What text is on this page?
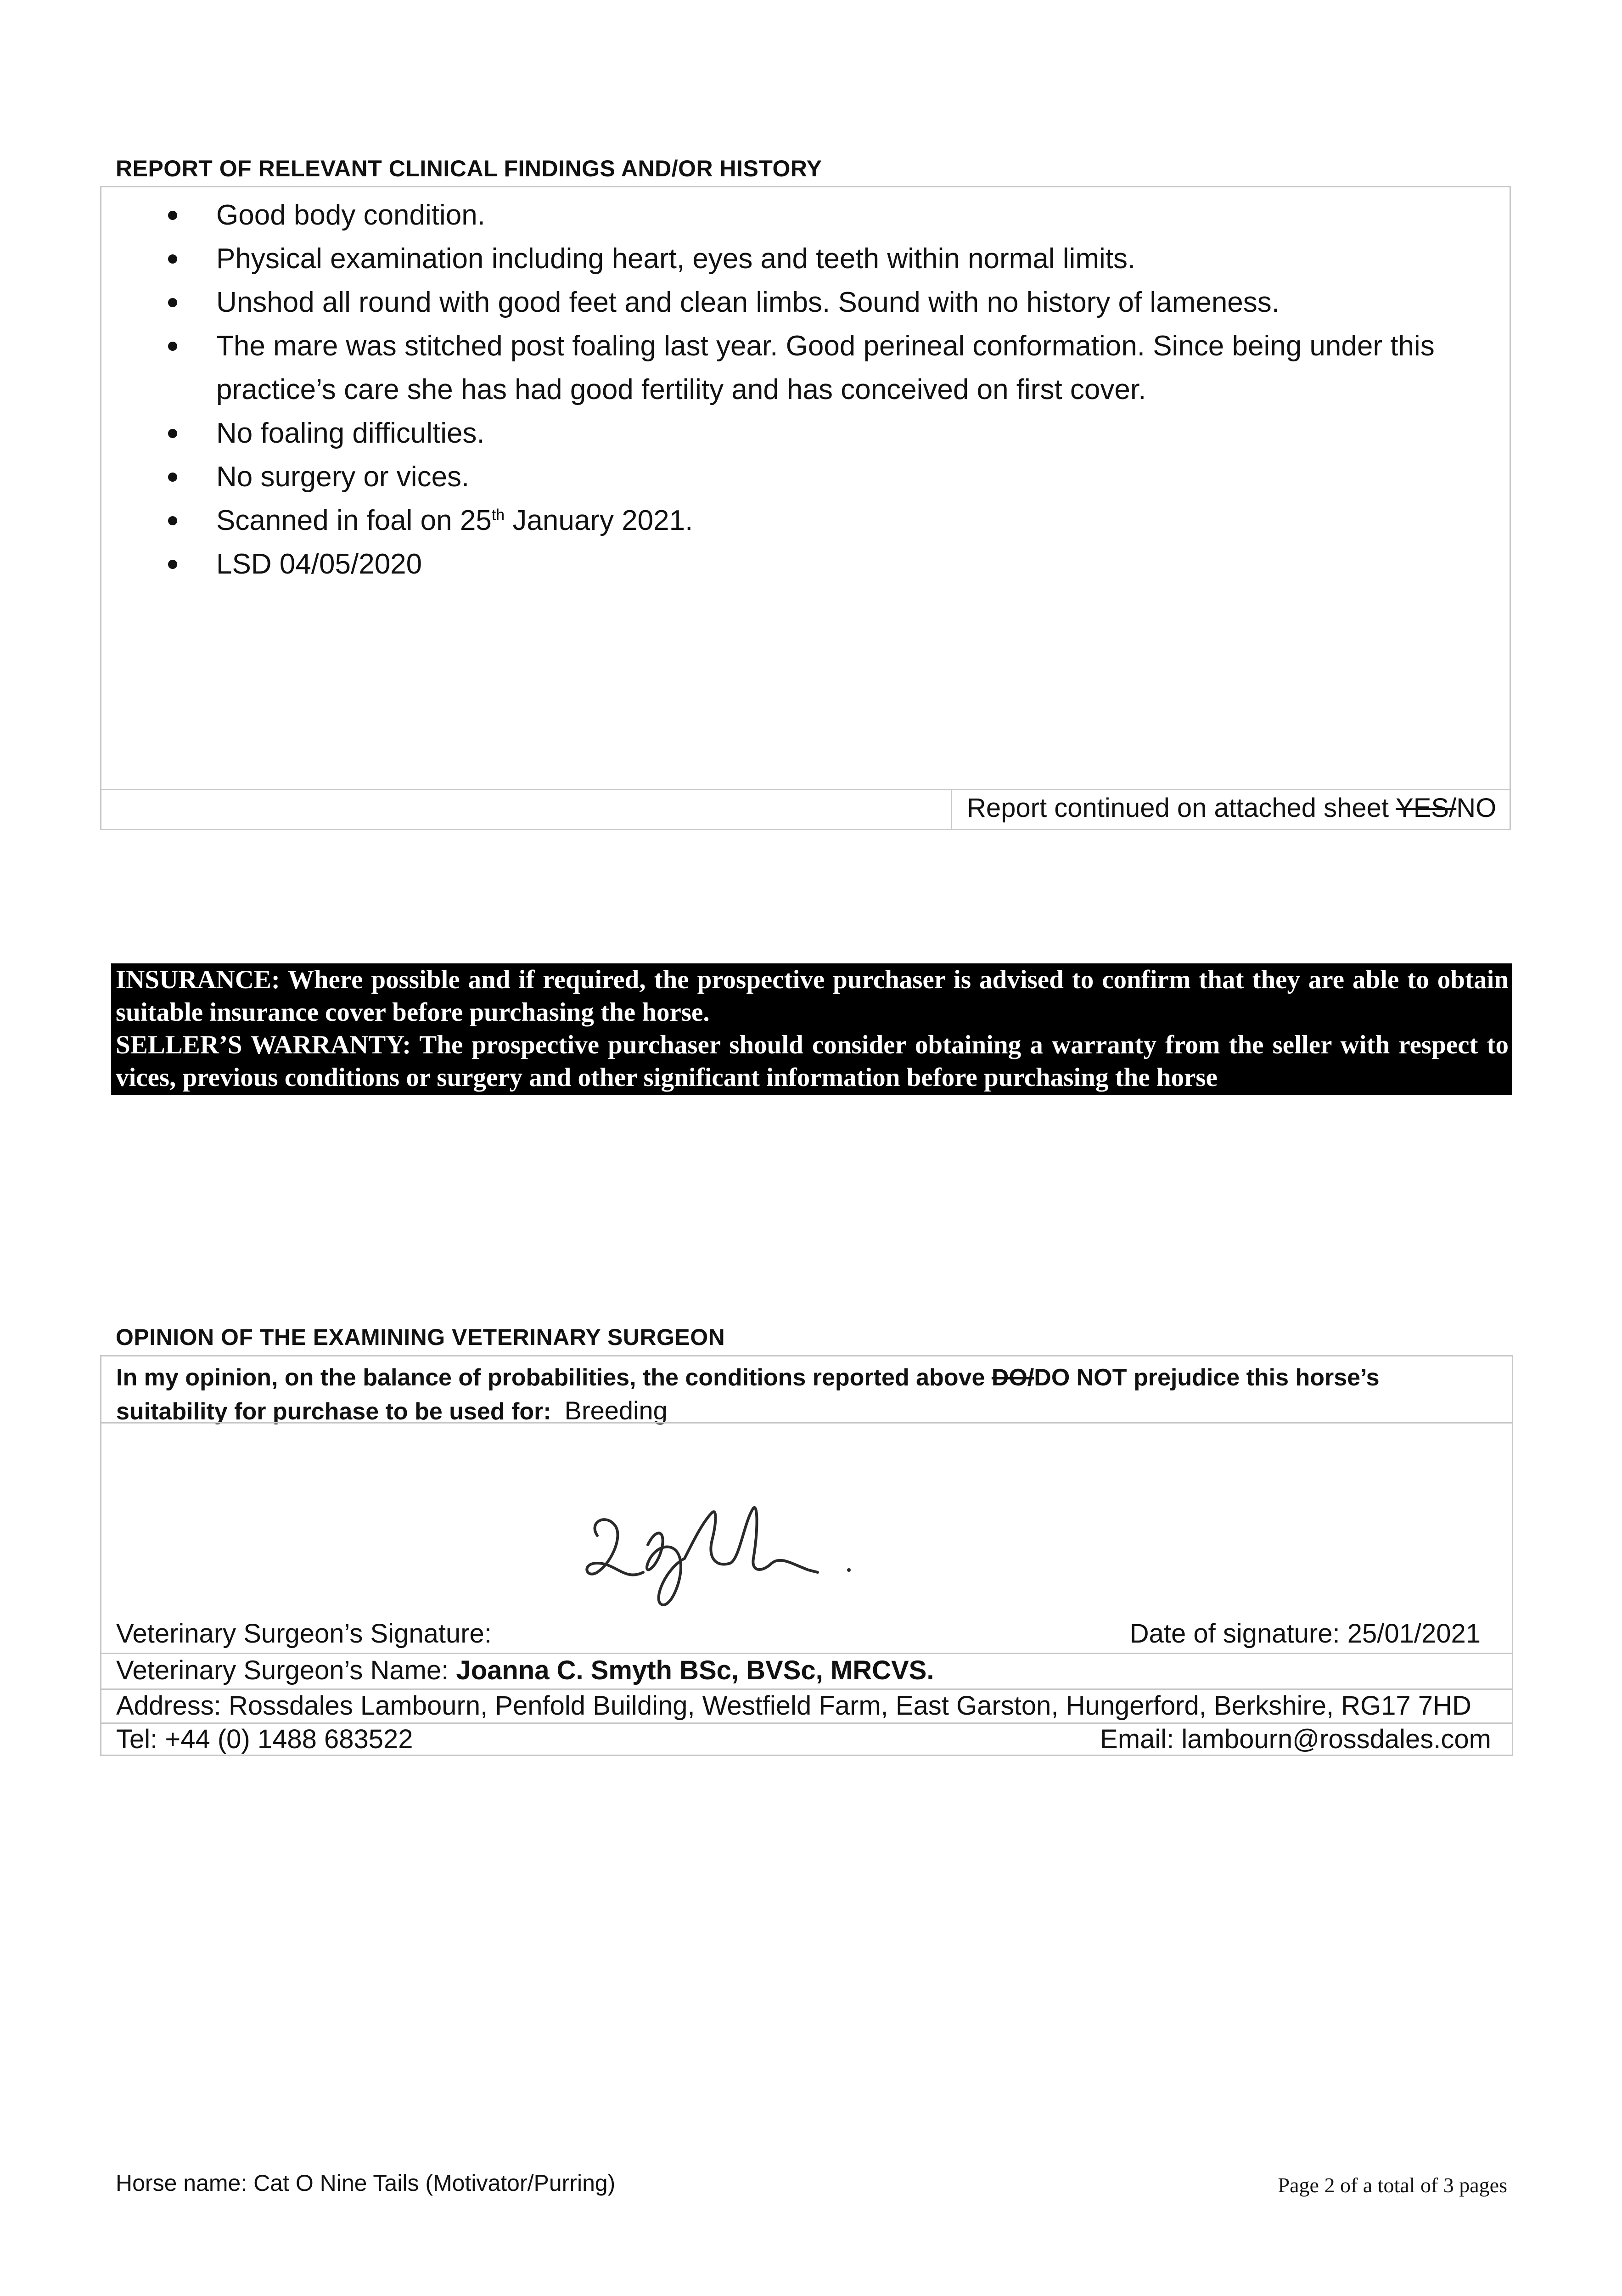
REPORT OF RELEVANT CLINICAL FINDINGS AND/OR HISTORY
Good body condition.
Physical examination including heart, eyes and teeth within normal limits.
Unshod all round with good feet and clean limbs. Sound with no history of lameness.
The mare was stitched post foaling last year. Good perineal conformation. Since being under this
practice’s care she has had good fertility and has conceived on first cover.
No foaling difficulties.
No surgery or vices.
Scanned in foal on 25th January 2021.
LSD 04/05/2020
Report continued on attached sheet YES/NO

INSURANCE: Where possible and if required, the prospective purchaser is advised to confirm that they are able to obtain suitable insurance cover before purchasing the horse.

SELLER’S WARRANTY: The prospective purchaser should consider obtaining a warranty from the seller with respect to vices, previous conditions or surgery and other significant information before purchasing the horse

OPINION OF THE EXAMINING VETERINARY SURGEON
In my opinion, on the balance of probabilities, the conditions reported above DO/DO NOT prejudice this horse’s
suitability for purchase to be used for: Breeding
Veterinary Surgeon’s Signature:	Date of signature: 25/01/2021
Veterinary Surgeon’s Name: Joanna C. Smyth BSc, BVSc, MRCVS.
Address: Rossdales Lambourn, Penfold Building, Westfield Farm, East Garston, Hungerford, Berkshire, RG17 7HD
Tel: +44 (0) 1488 683522	Email: lambourn@rossdales.com
Horse name: Cat O Nine Tails (Motivator/Purring)	Page 2 of a total of 3 pages
